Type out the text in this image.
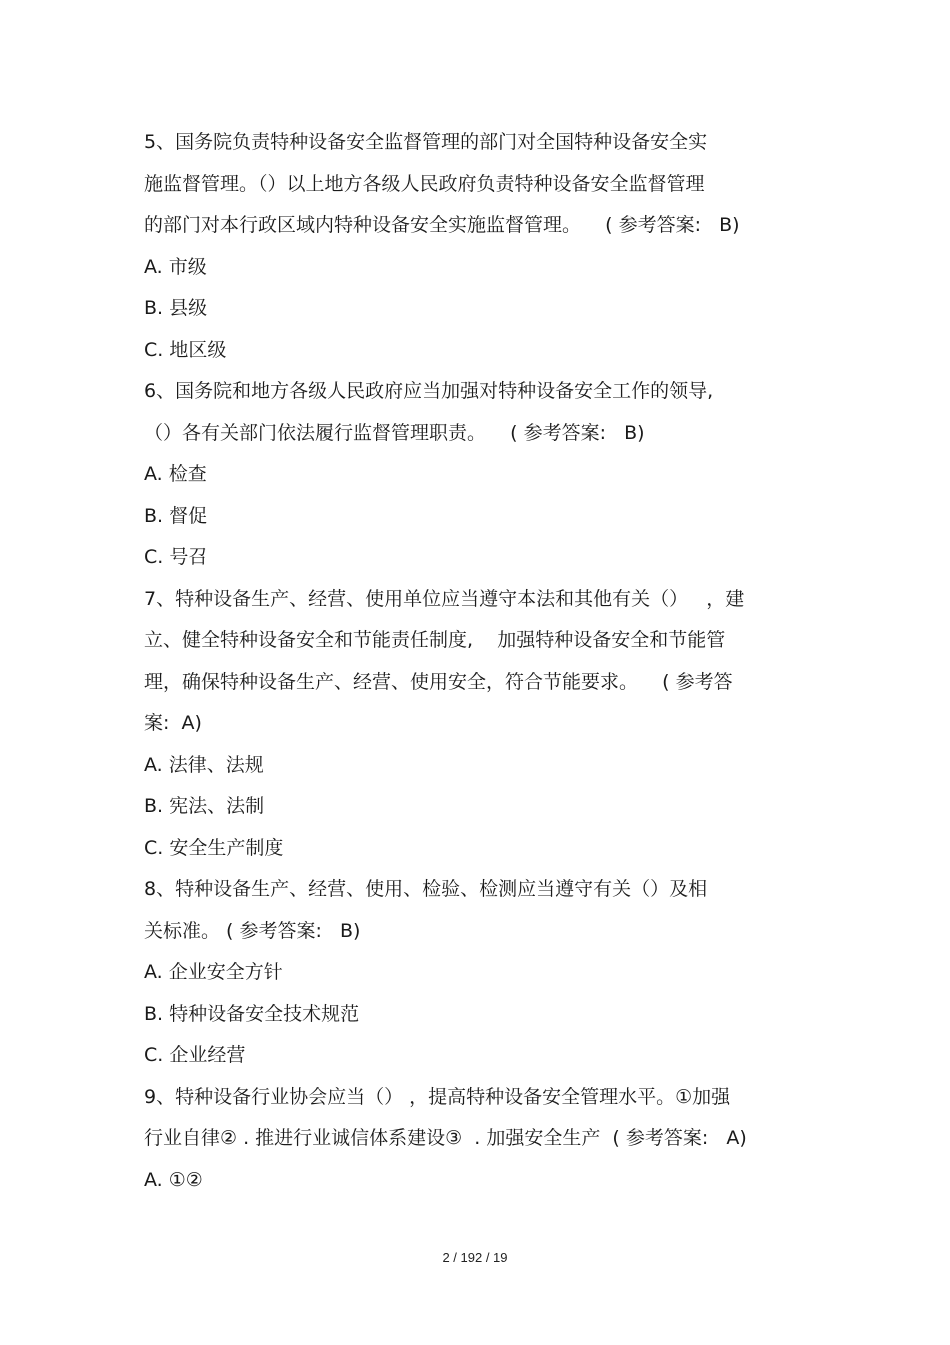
5、国务院负责特种设备安全监督管理的部门对全国特种设备安全实
施监督管理。（）以上地方各级人民政府负责特种设备安全监督管理
的部门对本行政区域内特种设备安全实施监督管理。    ( 参考答案:   B)
A. 市级
B. 县级
C. 地区级
6、国务院和地方各级人民政府应当加强对特种设备安全工作的领导,
（）各有关部门依法履行监督管理职责。    ( 参考答案:   B)
A. 检查
B. 督促
C. 号召
7、特种设备生产、经营、使用单位应当遵守本法和其他有关（）   ，建
立、健全特种设备安全和节能责任制度,    加强特种设备安全和节能管
理，确保特种设备生产、经营、使用安全，符合节能要求。    ( 参考答
案:  A)
A. 法律、法规
B. 宪法、法制
C. 安全生产制度
8、特种设备生产、经营、使用、检验、检测应当遵守有关（）及相
关标准。 ( 参考答案:   B)
A. 企业安全方针
B. 特种设备安全技术规范
C. 企业经营
9、特种设备行业协会应当（） ，提高特种设备安全管理水平。①加强
行业自律② . 推进行业诚信体系建设③  . 加强安全生产  ( 参考答案:   A)
A. ①②
2 / 192 / 19
